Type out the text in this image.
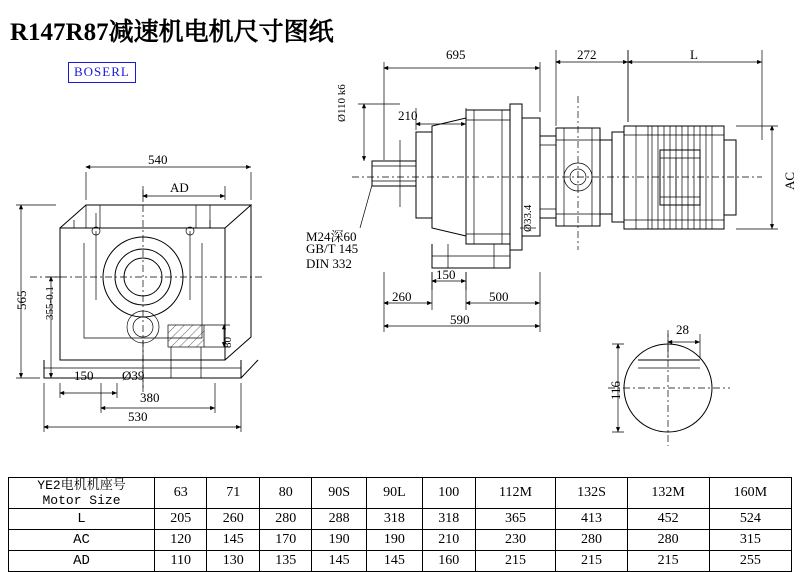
R147R87减速机电机尺寸图纸
BOSERL
540
AD
565 355-0.1
80
150 Ø39
380
530
695	272	L
Ø110 k6	210
AC
Ø33.4
150
260	500
590
M24深60
GB/T 145
DIN 332
28
116
YE2电机机座号
Motor Size	63	71	80	90S	90L	100	112M	132S	132M	160M
L	205	260	280	288	318	318	365	413	452	524
AC	120	145	170	190	190	210	230	280	280	315
AD	110	130	135	145	145	160	215	215	215	255
